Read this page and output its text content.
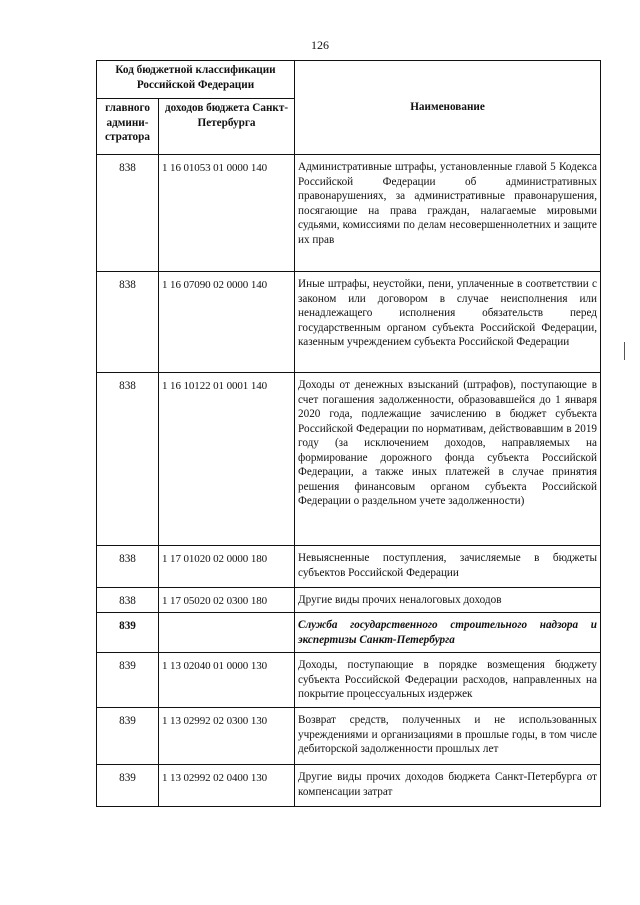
126
Код бюджетной классификации Российской Федерации		Наименование
главного админи-стратора	доходов бюджета Санкт-Петербурга	
838	1 16 01053 01 0000 140	Административные штрафы, установленные главой 5 Кодекса Российской Федерации об административных правонарушениях, за административные правонарушения, посягающие на права граждан, налагаемые мировыми судьями, комиссиями по делам несовершеннолетних и защите их прав
838	1 16 07090 02 0000 140	Иные штрафы, неустойки, пени, уплаченные в соответствии с законом или договором в случае неисполнения или ненадлежащего исполнения обязательств перед государственным органом субъекта Российской Федерации, казенным учреждением субъекта Российской Федерации
838	1 16 10122 01 0001 140	Доходы от денежных взысканий (штрафов), поступающие в счет погашения задолженности, образовавшейся до 1 января 2020 года, подлежащие зачислению в бюджет субъекта Российской Федерации по нормативам, действовавшим в 2019 году (за исключением доходов, направляемых на формирование дорожного фонда субъекта Российской Федерации, а также иных платежей в случае принятия решения финансовым органом субъекта Российской Федерации о раздельном учете задолженности)
838	1 17 01020 02 0000 180	Невыясненные поступления, зачисляемые в бюджеты субъектов Российской Федерации
838	1 17 05020 02 0300 180	Другие виды прочих неналоговых доходов
839		Служба государственного строительного надзора и экспертизы Санкт-Петербурга
839	1 13 02040 01 0000 130	Доходы, поступающие в порядке возмещения бюджету субъекта Российской Федерации расходов, направленных на покрытие процессуальных издержек
839	1 13 02992 02 0300 130	Возврат средств, полученных и не использованных учреждениями и организациями в прошлые годы, в том числе дебиторской задолженности прошлых лет
839	1 13 02992 02 0400 130	Другие виды прочих доходов бюджета Санкт-Петербурга от компенсации затрат
